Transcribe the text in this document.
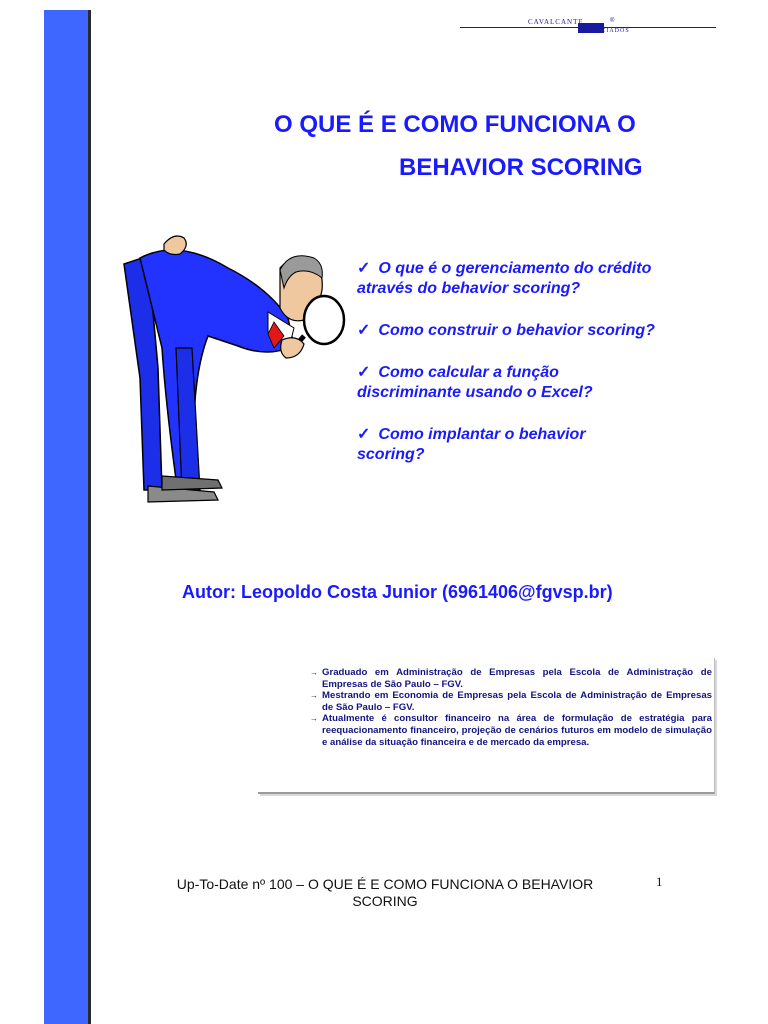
CAVALCANTE
ASSOCIADOS
®
O QUE É E COMO FUNCIONA O
BEHAVIOR SCORING
✓ O que é o gerenciamento do crédito através do behavior scoring?
✓ Como construir o behavior scoring?
✓ Como calcular a função discriminante usando o Excel?
✓ Como implantar o behavior scoring?
Autor: Leopoldo Costa Junior (6961406@fgvsp.br)
→ Graduado em Administração de Empresas pela Escola de Administração de Empresas de São Paulo – FGV.
→ Mestrando em Economia de Empresas pela Escola de Administração de Empresas de São Paulo – FGV.
→ Atualmente é consultor financeiro na área de formulação de estratégia para reequacionamento financeiro, projeção de cenários futuros em modelo de simulação e análise da situação financeira e de mercado da empresa.
Up-To-Date nº 100 – O QUE É E COMO FUNCIONA O BEHAVIOR
SCORING
1
